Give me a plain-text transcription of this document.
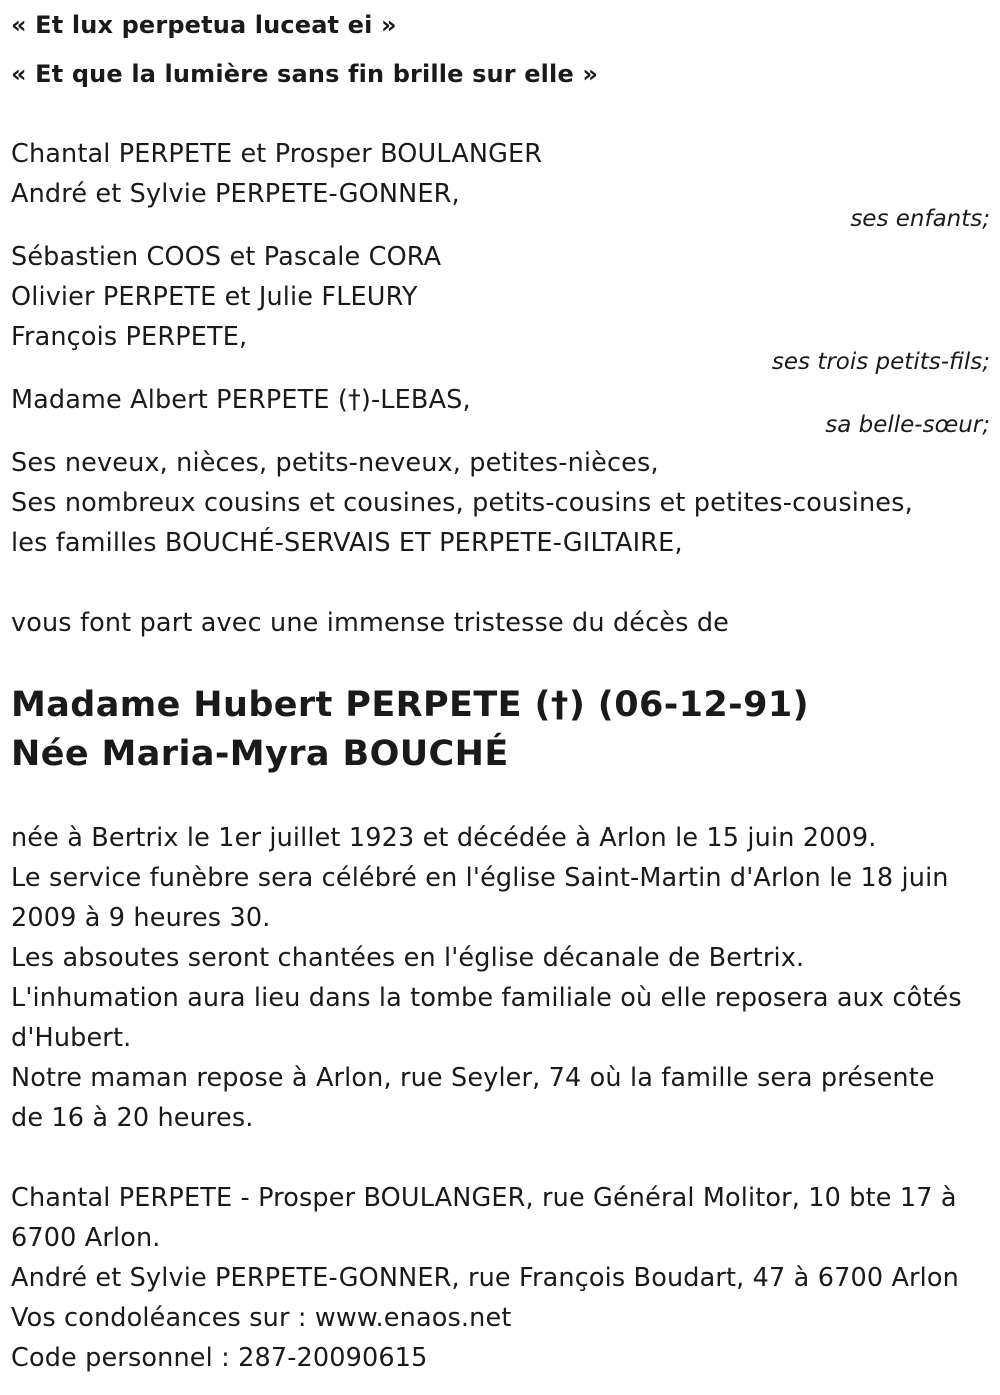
« Et lux perpetua luceat ei »

« Et que la lumière sans fin brille sur elle »

Chantal PERPETE et Prosper BOULANGER

André et Sylvie PERPETE-GONNER,

ses enfants;

Sébastien COOS et Pascale CORA

Olivier PERPETE et Julie FLEURY

François PERPETE,

ses trois petits-fils;

Madame Albert PERPETE (†)-LEBAS,

sa belle-sœur;

Ses neveux, nièces, petits-neveux, petites-nièces,

Ses nombreux cousins et cousines, petits-cousins et petites-cousines,

les familles BOUCHÉ-SERVAIS ET PERPETE-GILTAIRE,

vous font part avec une immense tristesse du décès de

Madame Hubert PERPETE (†) (06-12-91)

Née Maria-Myra BOUCHÉ

née à Bertrix le 1er juillet 1923 et décédée à Arlon le 15 juin 2009.

Le service funèbre sera célébré en l'église Saint-Martin d'Arlon le 18 juin

2009 à 9 heures 30.

Les absoutes seront chantées en l'église décanale de Bertrix.

L'inhumation aura lieu dans la tombe familiale où elle reposera aux côtés

d'Hubert.

Notre maman repose à Arlon, rue Seyler, 74 où la famille sera présente

de 16 à 20 heures.

Chantal PERPETE - Prosper BOULANGER, rue Général Molitor, 10 bte 17 à

6700 Arlon.

André et Sylvie PERPETE-GONNER, rue François Boudart, 47 à 6700 Arlon

Vos condoléances sur : www.enaos.net

Code personnel : 287-20090615
